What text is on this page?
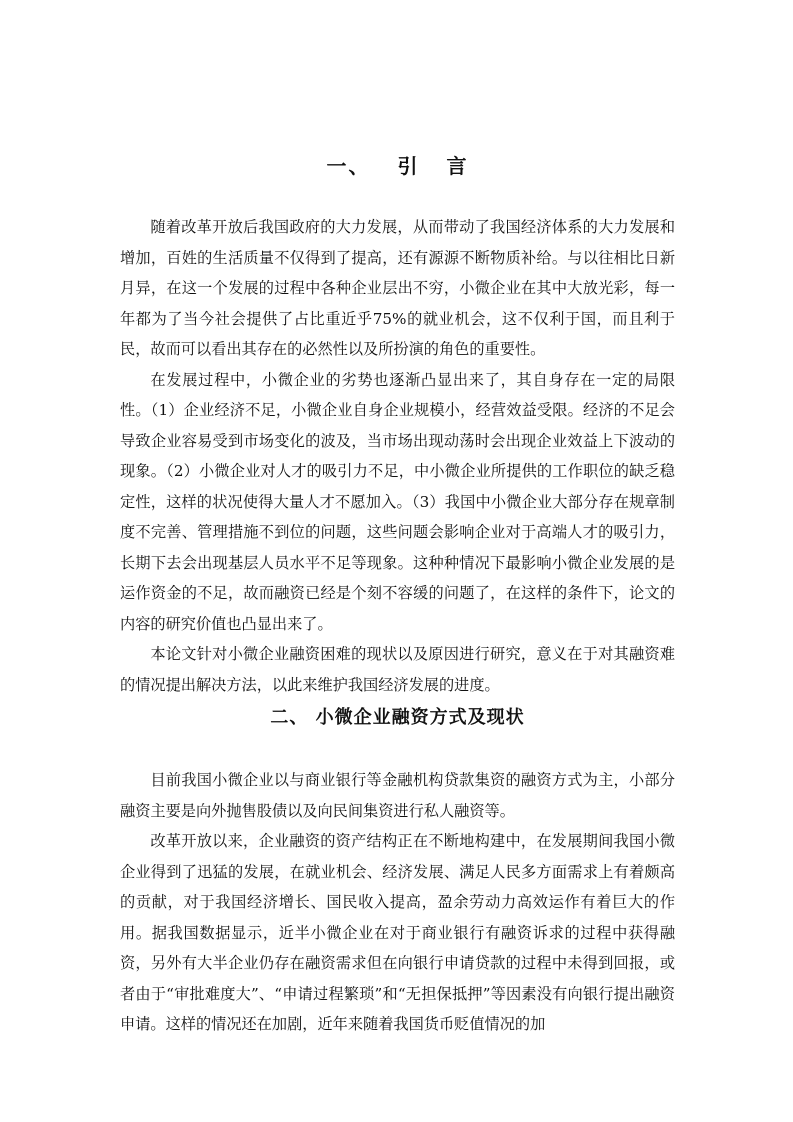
一、 引 言

随着改革开放后我国政府的大力发展，从而带动了我国经济体系的大力发展和增加，百姓的生活质量不仅得到了提高，还有源源不断物质补给。与以往相比日新月异，在这一个发展的过程中各种企业层出不穷，小微企业在其中大放光彩，每一年都为了当今社会提供了占比重近乎75%的就业机会，这不仅利于国，而且利于民，故而可以看出其存在的必然性以及所扮演的角色的重要性。

在发展过程中，小微企业的劣势也逐渐凸显出来了，其自身存在一定的局限性。（1）企业经济不足，小微企业自身企业规模小，经营效益受限。经济的不足会导致企业容易受到市场变化的波及，当市场出现动荡时会出现企业效益上下波动的现象。（2）小微企业对人才的吸引力不足，中小微企业所提供的工作职位的缺乏稳定性，这样的状况使得大量人才不愿加入。（3）我国中小微企业大部分存在规章制度不完善、管理措施不到位的问题，这些问题会影响企业对于高端人才的吸引力，长期下去会出现基层人员水平不足等现象。这种种情况下最影响小微企业发展的是运作资金的不足，故而融资已经是个刻不容缓的问题了，在这样的条件下，论文的内容的研究价值也凸显出来了。

本论文针对小微企业融资困难的现状以及原因进行研究，意义在于对其融资难的情况提出解决方法，以此来维护我国经济发展的进度。

二、 小微企业融资方式及现状

目前我国小微企业以与商业银行等金融机构贷款集资的融资方式为主，小部分融资主要是向外抛售股债以及向民间集资进行私人融资等。

改革开放以来，企业融资的资产结构正在不断地构建中，在发展期间我国小微企业得到了迅猛的发展，在就业机会、经济发展、满足人民多方面需求上有着颇高的贡献，对于我国经济增长、国民收入提高，盈余劳动力高效运作有着巨大的作用。据我国数据显示，近半小微企业在对于商业银行有融资诉求的过程中获得融资，另外有大半企业仍存在融资需求但在向银行申请贷款的过程中未得到回报，或者由于“审批难度大”、“申请过程繁琐”和“无担保抵押”等因素没有向银行提出融资申请。这样的情况还在加剧，近年来随着我国货币贬值情况的加
